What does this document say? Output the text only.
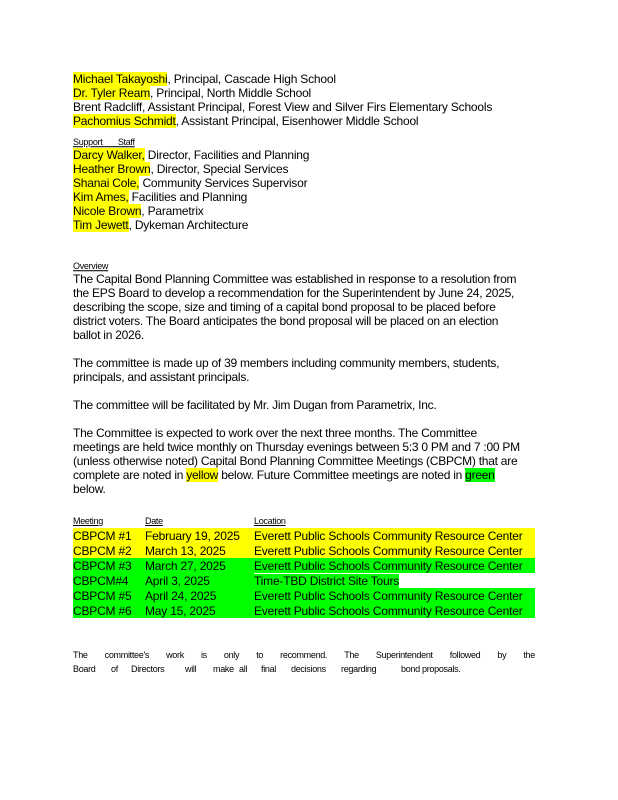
Michael Takayoshi, Principal, Cascade High School
Dr. Tyler Ream, Principal, North Middle School
Brent Radcliff, Assistant Principal, Forest View and Silver Firs Elementary Schools
Pachomius Schmidt, Assistant Principal, Eisenhower Middle School
Support       Staff
Darcy Walker, Director, Facilities and Planning
Heather Brown, Director, Special Services
Shanai Cole, Community Services Supervisor
Kim Ames, Facilities and Planning
Nicole Brown, Parametrix
Tim Jewett, Dykeman Architecture
Overview
The Capital Bond Planning Committee was established in response to a resolution from
the EPS Board to develop a recommendation for the Superintendent by June 24, 2025,
describing the scope, size and timing of a capital bond proposal to be placed before
district voters. The Board anticipates the bond proposal will be placed on an election
ballot in 2026.
The committee is made up of 39 members including community members, students,
principals, and assistant principals.
The committee will be facilitated by Mr. Jim Dugan from Parametrix, Inc.
The Committee is expected to work over the next three months. The Committee
meetings are held twice monthly on Thursday evenings between 5:3 0 PM and 7 :00 PM
(unless otherwise noted) Capital Bond Planning Committee Meetings (CBPCM) that are
complete are noted in yellow below. Future Committee meetings are noted in green
below.
Meeting	Date	Location
CBPCM #1	February 19, 2025	Everett Public Schools Community Resource Center
CBPCM #2	March 13, 2025	Everett Public Schools Community Resource Center
CBPCM #3	March 27, 2025	Everett Public Schools Community Resource Center
CBPCM#4	April 3, 2025	Time-TBD District Site Tours
CBPCM #5	April 24, 2025	Everett Public Schools Community Resource Center
CBPCM #6	May 15, 2025	Everett Public Schools Community Resource Center
The committee's work is only to recommend. The Superintendent followed by the
Board	of	Directors	will	make all	final	decisions	regarding	bond proposals.
